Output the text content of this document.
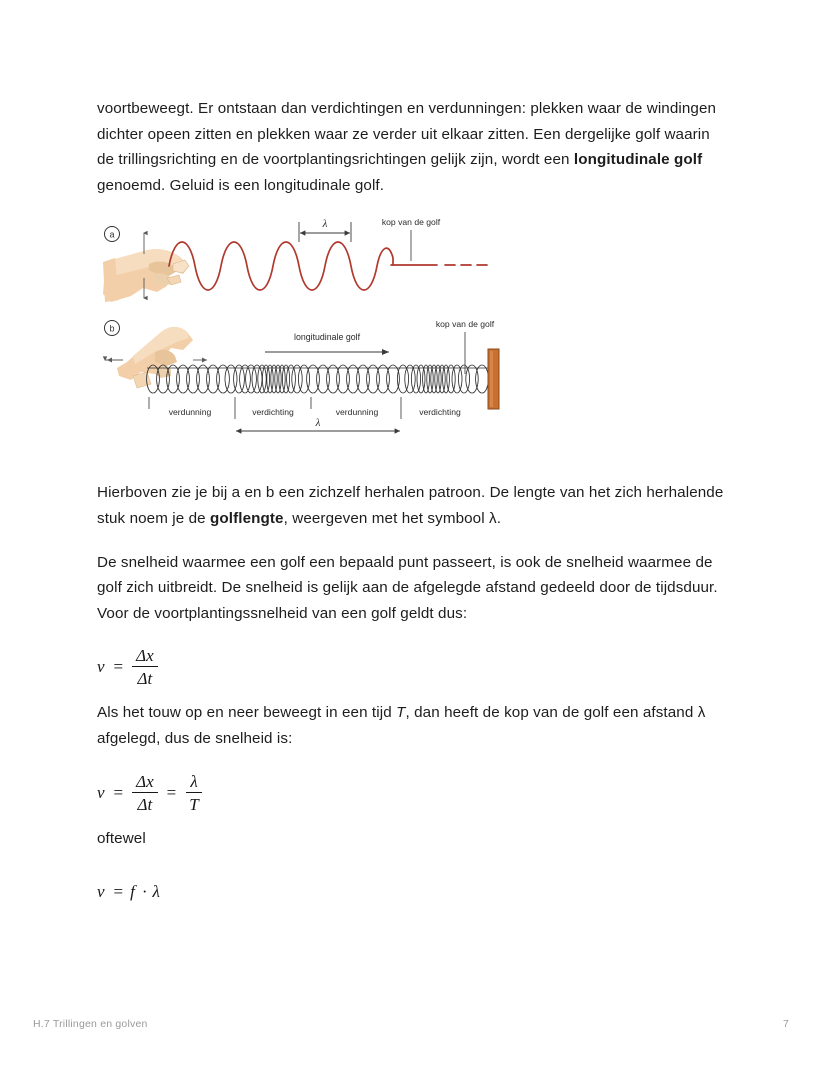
voortbeweegt. Er ontstaan dan verdichtingen en verdunningen: plekken waar de windingen dichter opeen zitten en plekken waar ze verder uit elkaar zitten. Een dergelijke golf waarin de trillingsrichting en de voortplantingsrichtingen gelijk zijn, wordt een longitudinale golf genoemd. Geluid is een longitudinale golf.

a
λ	kop van de golf
b
longitudinale golf
kop van de golf
verdunning	verdichting	verdunning	verdichting
λ

Hierboven zie je bij a en b een zichzelf herhalen patroon. De lengte van het zich herhalende stuk noem je de golflengte, weergeven met het symbool λ.

De snelheid waarmee een golf een bepaald punt passeert, is ook de snelheid waarmee de golf zich uitbreidt. De snelheid is gelijk aan de afgelegde afstand gedeeld door de tijdsduur. Voor de voortplantingssnelheid van een golf geldt dus:

$v = \frac{\Delta x}{\Delta t}$

Als het touw op en neer beweegt in een tijd T, dan heeft de kop van de golf een afstand λ afgelegd, dus de snelheid is:

$v = \frac{\Delta x}{\Delta t} = \frac{\lambda}{T}$

oftewel

v = f · λ
H.7 Trillingen en golven	7
